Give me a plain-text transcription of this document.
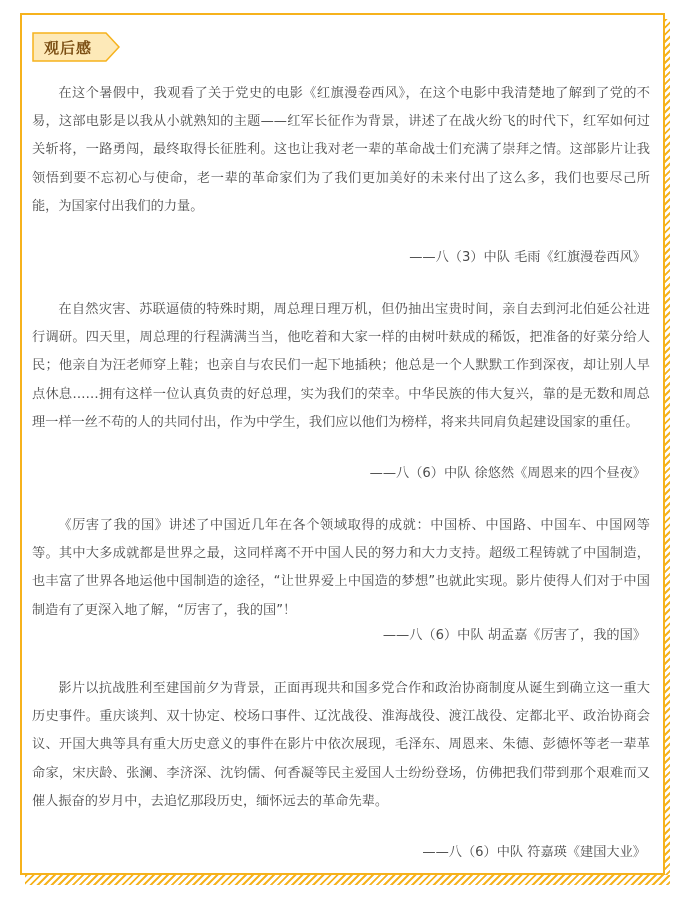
观后感

在这个暑假中，我观看了关于党史的电影《红旗漫卷西风》，在这个电影中我清楚地了解到了党的不易，这部电影是以我从小就熟知的主题——红军长征作为背景，讲述了在战火纷飞的时代下，红军如何过关斩将，一路勇闯，最终取得长征胜利。这也让我对老一辈的革命战士们充满了崇拜之情。这部影片让我领悟到要不忘初心与使命，老一辈的革命家们为了我们更加美好的未来付出了这么多，我们也要尽己所能，为国家付出我们的力量。

——八（3）中队 毛雨《红旗漫卷西风》

在自然灾害、苏联逼债的特殊时期，周总理日理万机，但仍抽出宝贵时间，亲自去到河北伯延公社进行调研。四天里，周总理的行程满满当当，他吃着和大家一样的由树叶麸成的稀饭，把准备的好菜分给人民；他亲自为汪老师穿上鞋；也亲自与农民们一起下地插秧；他总是一个人默默工作到深夜，却让别人早点休息……拥有这样一位认真负责的好总理，实为我们的荣幸。中华民族的伟大复兴，靠的是无数和周总理一样一丝不苟的人的共同付出，作为中学生，我们应以他们为榜样，将来共同肩负起建设国家的重任。

——八（6）中队 徐悠然《周恩来的四个昼夜》

《厉害了我的国》讲述了中国近几年在各个领域取得的成就：中国桥、中国路、中国车、中国网等等。其中大多成就都是世界之最，这同样离不开中国人民的努力和大力支持。超级工程铸就了中国制造，也丰富了世界各地运他中国制造的途径，“让世界爱上中国造的梦想”也就此实现。影片使得人们对于中国制造有了更深入地了解，“厉害了，我的国”！

——八（6）中队 胡孟嘉《厉害了，我的国》

影片以抗战胜利至建国前夕为背景，正面再现共和国多党合作和政治协商制度从诞生到确立这一重大历史事件。重庆谈判、双十协定、校场口事件、辽沈战役、淮海战役、渡江战役、定都北平、政治协商会议、开国大典等具有重大历史意义的事件在影片中依次展现，毛泽东、周恩来、朱德、彭德怀等老一辈革命家，宋庆龄、张澜、李济深、沈钧儒、何香凝等民主爱国人士纷纷登场，仿佛把我们带到那个艰难而又催人振奋的岁月中，去追忆那段历史，缅怀远去的革命先辈。

——八（6）中队 符嘉瑛《建国大业》
